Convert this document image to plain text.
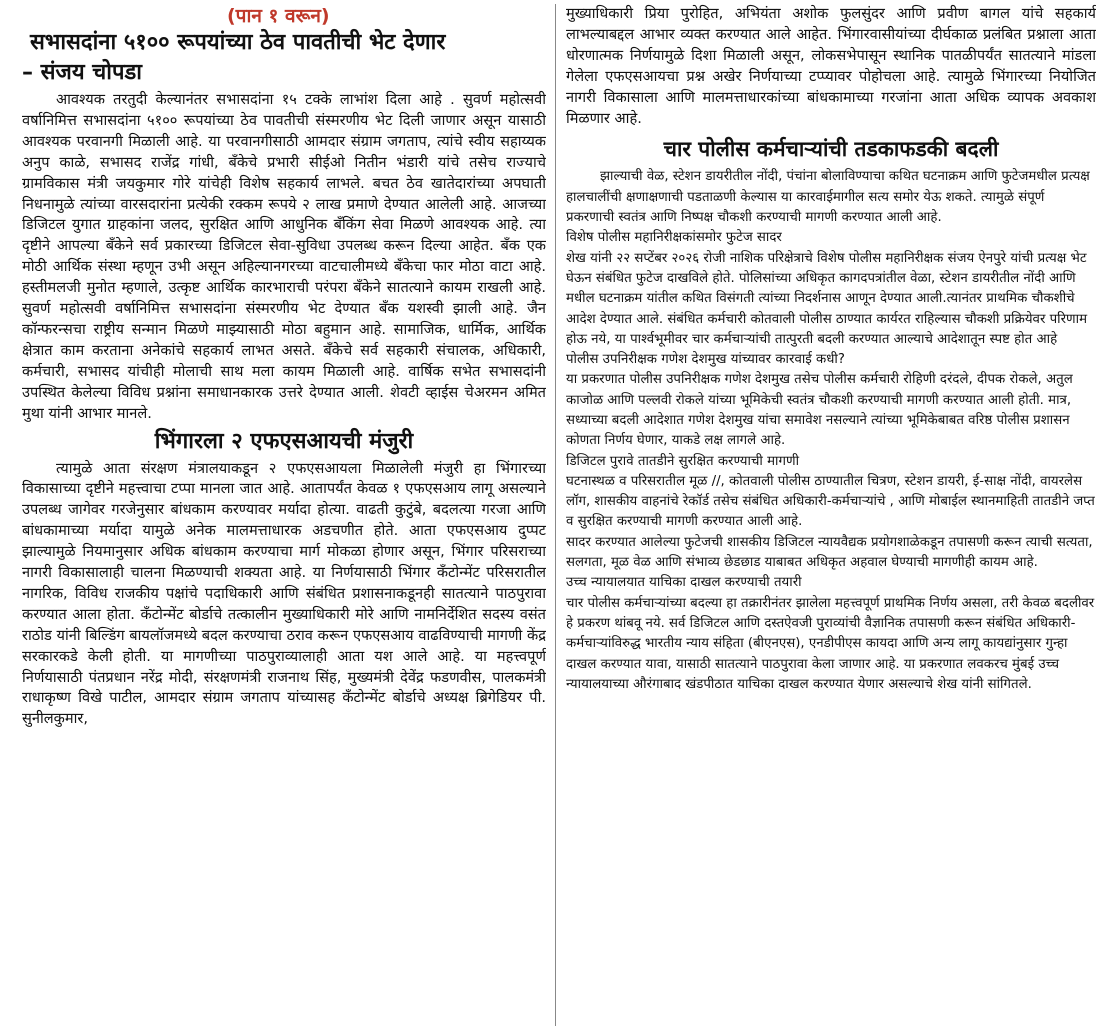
(पान १ वरून)
सभासदांना ५१०० रूपयांच्या ठेव पावतीची भेट देणार
– संजय चोपडा

आवश्यक तरतुदी केल्यानंतर सभासदांना १५ टक्के लाभांश दिला आहे . सुवर्ण महोत्सवी वर्षानिमित्त सभासदांना ५१०० रूपयांच्या ठेव पावतीची संस्मरणीय भेट दिली जाणार असून यासाठी आवश्यक परवानगी मिळाली आहे. या परवानगीसाठी आमदार संग्राम जगताप, त्यांचे स्वीय सहाय्यक अनुप काळे, सभासद राजेंद्र गांधी, बँकेचे प्रभारी सीईओ नितीन भंडारी यांचे तसेच राज्याचे ग्रामविकास मंत्री जयकुमार गोरे यांचेही विशेष सहकार्य लाभले. बचत ठेव खातेदारांच्या अपघाती निधनामुळे त्यांच्या वारसदारांना प्रत्येकी रक्कम रूपये २ लाख प्रमाणे देण्यात आलेली आहे. आजच्या डिजिटल युगात ग्राहकांना जलद, सुरक्षित आणि आधुनिक बँकिंग सेवा मिळणे आवश्यक आहे. त्या दृष्टीने आपल्या बँकेने सर्व प्रकारच्या डिजिटल सेवा-सुविधा उपलब्ध करून दिल्या आहेत. बँक एक मोठी आर्थिक संस्था म्हणून उभी असून अहिल्यानगरच्या वाटचालीमध्ये बँकेचा फार मोठा वाटा आहे. हस्तीमलजी मुनोत म्हणाले, उत्कृष्ट आर्थिक कारभाराची परंपरा बँकेने सातत्याने कायम राखली आहे. सुवर्ण महोत्सवी वर्षानिमित्त सभासदांना संस्मरणीय भेट देण्यात बँक यशस्वी झाली आहे. जैन कॉन्फरन्सचा राष्ट्रीय सन्मान मिळणे माझ्यासाठी मोठा बहुमान आहे. सामाजिक, धार्मिक, आर्थिक क्षेत्रात काम करताना अनेकांचे सहकार्य लाभत असते. बँकेचे सर्व सहकारी संचालक, अधिकारी, कर्मचारी, सभासद यांचीही मोलाची साथ मला कायम मिळाली आहे. वार्षिक सभेत सभासदांनी उपस्थित केलेल्या विविध प्रश्नांना समाधानकारक उत्तरे देण्यात आली. शेवटी व्हाईस चेअरमन अमित मुथा यांनी आभार मानले.

भिंगारला २ एफएसआयची मंजुरी

त्यामुळे आता संरक्षण मंत्रालयाकडून २ एफएसआयला मिळालेली मंजुरी हा भिंगारच्या विकासाच्या दृष्टीने महत्त्वाचा टप्पा मानला जात आहे. आतापर्यंत केवळ १ एफएसआय लागू असल्याने उपलब्ध जागेवर गरजेनुसार बांधकाम करण्यावर मर्यादा होत्या. वाढती कुटुंबे, बदलत्या गरजा आणि बांधकामाच्या मर्यादा यामुळे अनेक मालमत्ताधारक अडचणीत होते. आता एफएसआय दुप्पट झाल्यामुळे नियमानुसार अधिक बांधकाम करण्याचा मार्ग मोकळा होणार असून, भिंगार परिसराच्या नागरी विकासालाही चालना मिळण्याची शक्यता आहे. या निर्णयासाठी भिंगार कँटोन्मेंट परिसरातील नागरिक, विविध राजकीय पक्षांचे पदाधिकारी आणि संबंधित प्रशासनाकडूनही सातत्याने पाठपुरावा करण्यात आला होता. कँटोन्मेंट बोर्डाचे तत्कालीन मुख्याधिकारी मोरे आणि नामनिर्देशित सदस्य वसंत राठोड यांनी बिल्डिंग बायलॉजमध्ये बदल करण्याचा ठराव करून एफएसआय वाढविण्याची मागणी केंद्र सरकारकडे केली होती. या मागणीच्या पाठपुराव्यालाही आता यश आले आहे. या महत्त्वपूर्ण निर्णयासाठी पंतप्रधान नरेंद्र मोदी, संरक्षणमंत्री राजनाथ सिंह, मुख्यमंत्री देवेंद्र फडणवीस, पालकमंत्री राधाकृष्ण विखे पाटील, आमदार संग्राम जगताप यांच्यासह कँटोन्मेंट बोर्डाचे अध्यक्ष ब्रिगेडियर पी. सुनीलकुमार,

मुख्याधिकारी प्रिया पुरोहित, अभियंता अशोक फुलसुंदर आणि प्रवीण बागल यांचे सहकार्य लाभल्याबद्दल आभार व्यक्त करण्यात आले आहेत. भिंगारवासीयांच्या दीर्घकाळ प्रलंबित प्रश्नाला आता धोरणात्मक निर्णयामुळे दिशा मिळाली असून, लोकसभेपासून स्थानिक पातळीपर्यंत सातत्याने मांडला गेलेला एफएसआयचा प्रश्न अखेर निर्णयाच्या टप्प्यावर पोहोचला आहे. त्यामुळे भिंगारच्या नियोजित नागरी विकासाला आणि मालमत्ताधारकांच्या बांधकामाच्या गरजांना आता अधिक व्यापक अवकाश मिळणार आहे.

चार पोलीस कर्मचाऱ्यांची तडकाफडकी बदली

झाल्याची वेळ, स्टेशन डायरीतील नोंदी, पंचांना बोलाविण्याचा कथित घटनाक्रम आणि फुटेजमधील प्रत्यक्ष हालचालींची क्षणाक्षणाची पडताळणी केल्यास या कारवाईमागील सत्य समोर येऊ शकते. त्यामुळे संपूर्ण प्रकरणाची स्वतंत्र आणि निष्पक्ष चौकशी करण्याची मागणी करण्यात आली आहे.

विशेष पोलीस महानिरीक्षकांसमोर फुटेज सादर

शेख यांनी २२ सप्टेंबर २०२६ रोजी नाशिक परिक्षेत्राचे विशेष पोलीस महानिरीक्षक संजय ऐनपुरे यांची प्रत्यक्ष भेट घेऊन संबंधित फुटेज दाखविले होते. पोलिसांच्या अधिकृत कागदपत्रांतील वेळा, स्टेशन डायरीतील नोंदी आणि मधील घटनाक्रम यांतील कथित विसंगती त्यांच्या निदर्शनास आणून देण्यात आली.त्यानंतर प्राथमिक चौकशीचे आदेश देण्यात आले. संबंधित कर्मचारी कोतवाली पोलीस ठाण्यात कार्यरत राहिल्यास चौकशी प्रक्रियेवर परिणाम होऊ नये, या पार्श्वभूमीवर चार कर्मचाऱ्यांची तात्पुरती बदली करण्यात आल्याचे आदेशातून स्पष्ट होत आहे

पोलीस उपनिरीक्षक गणेश देशमुख यांच्यावर कारवाई कधी?

या प्रकरणात पोलीस उपनिरीक्षक गणेश देशमुख तसेच पोलीस कर्मचारी रोहिणी दरंदले, दीपक रोकले, अतुल काजोळ आणि पल्लवी रोकले यांच्या भूमिकेची स्वतंत्र चौकशी करण्याची मागणी करण्यात आली होती. मात्र, सध्याच्या बदली आदेशात गणेश देशमुख यांचा समावेश नसल्याने त्यांच्या भूमिकेबाबत वरिष्ठ पोलीस प्रशासन कोणता निर्णय घेणार, याकडे लक्ष लागले आहे.

डिजिटल पुरावे तातडीने सुरक्षित करण्याची मागणी

घटनास्थळ व परिसरातील मूळ //, कोतवाली पोलीस ठाण्यातील चित्रण, स्टेशन डायरी, ई-साक्ष नोंदी, वायरलेस लॉग, शासकीय वाहनांचे रेकॉर्ड तसेच संबंधित अधिकारी-कर्मचाऱ्यांचे , आणि मोबाईल स्थानमाहिती तातडीने जप्त व सुरक्षित करण्याची मागणी करण्यात आली आहे.

सादर करण्यात आलेल्या फुटेजची शासकीय डिजिटल न्यायवैद्यक प्रयोगशाळेकडून तपासणी करून त्याची सत्यता, सलगता, मूळ वेळ आणि संभाव्य छेडछाड याबाबत अधिकृत अहवाल घेण्याची मागणीही कायम आहे.

उच्च न्यायालयात याचिका दाखल करण्याची तयारी

चार पोलीस कर्मचाऱ्यांच्या बदल्या हा तक्रारीनंतर झालेला महत्त्वपूर्ण प्राथमिक निर्णय असला, तरी केवळ बदलीवर हे प्रकरण थांबवू नये. सर्व डिजिटल आणि दस्तऐवजी पुराव्यांची वैज्ञानिक तपासणी करून संबंधित अधिकारी-कर्मचाऱ्यांविरुद्ध भारतीय न्याय संहिता (बीएनएस), एनडीपीएस कायदा आणि अन्य लागू कायद्यांनुसार गुन्हा दाखल करण्यात यावा, यासाठी सातत्याने पाठपुरावा केला जाणार आहे. या प्रकरणात लवकरच मुंबई उच्च न्यायालयाच्या औरंगाबाद खंडपीठात याचिका दाखल करण्यात येणार असल्याचे शेख यांनी सांगितले.
